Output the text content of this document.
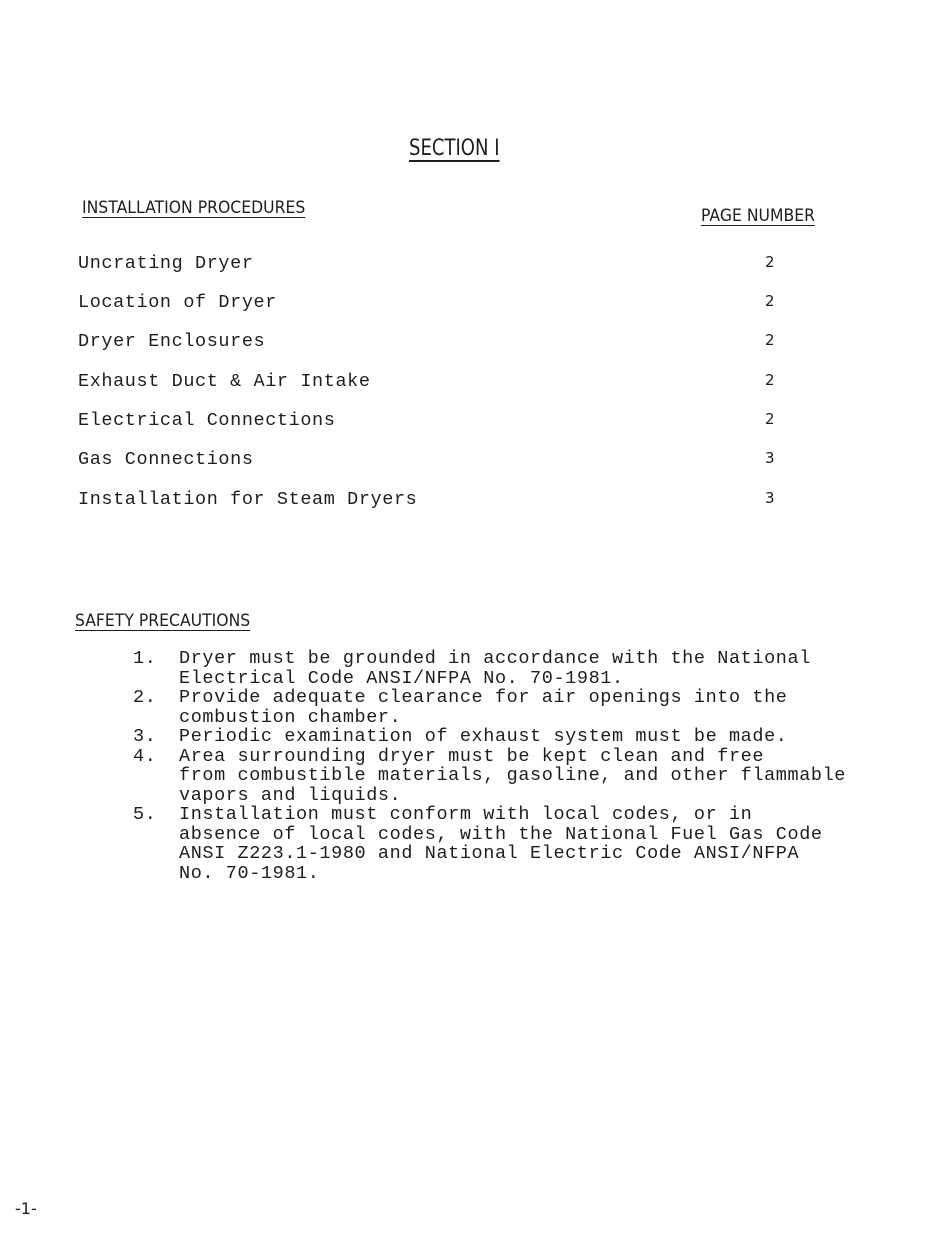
SECTION I
INSTALLATION PROCEDURES	PAGE NUMBER
Uncrating Dryer	2
Location of Dryer	2
Dryer Enclosures	2
Exhaust Duct & Air Intake	2
Electrical Connections	2
Gas Connections	3
Installation for Steam Dryers	3
SAFETY PRECAUTIONS
1.	Dryer must be grounded in accordance with the National
Electrical Code ANSI/NFPA No. 70-1981.
2.	Provide adequate clearance for air openings into the
combustion chamber.
3.	Periodic examination of exhaust system must be made.
4.	Area surrounding dryer must be kept clean and free
from combustible materials, gasoline, and other flammable
vapors and liquids.
5.	Installation must conform with local codes, or in
absence of local codes, with the National Fuel Gas Code
ANSI Z223.1-1980 and National Electric Code ANSI/NFPA
No. 70-1981.
-1-
